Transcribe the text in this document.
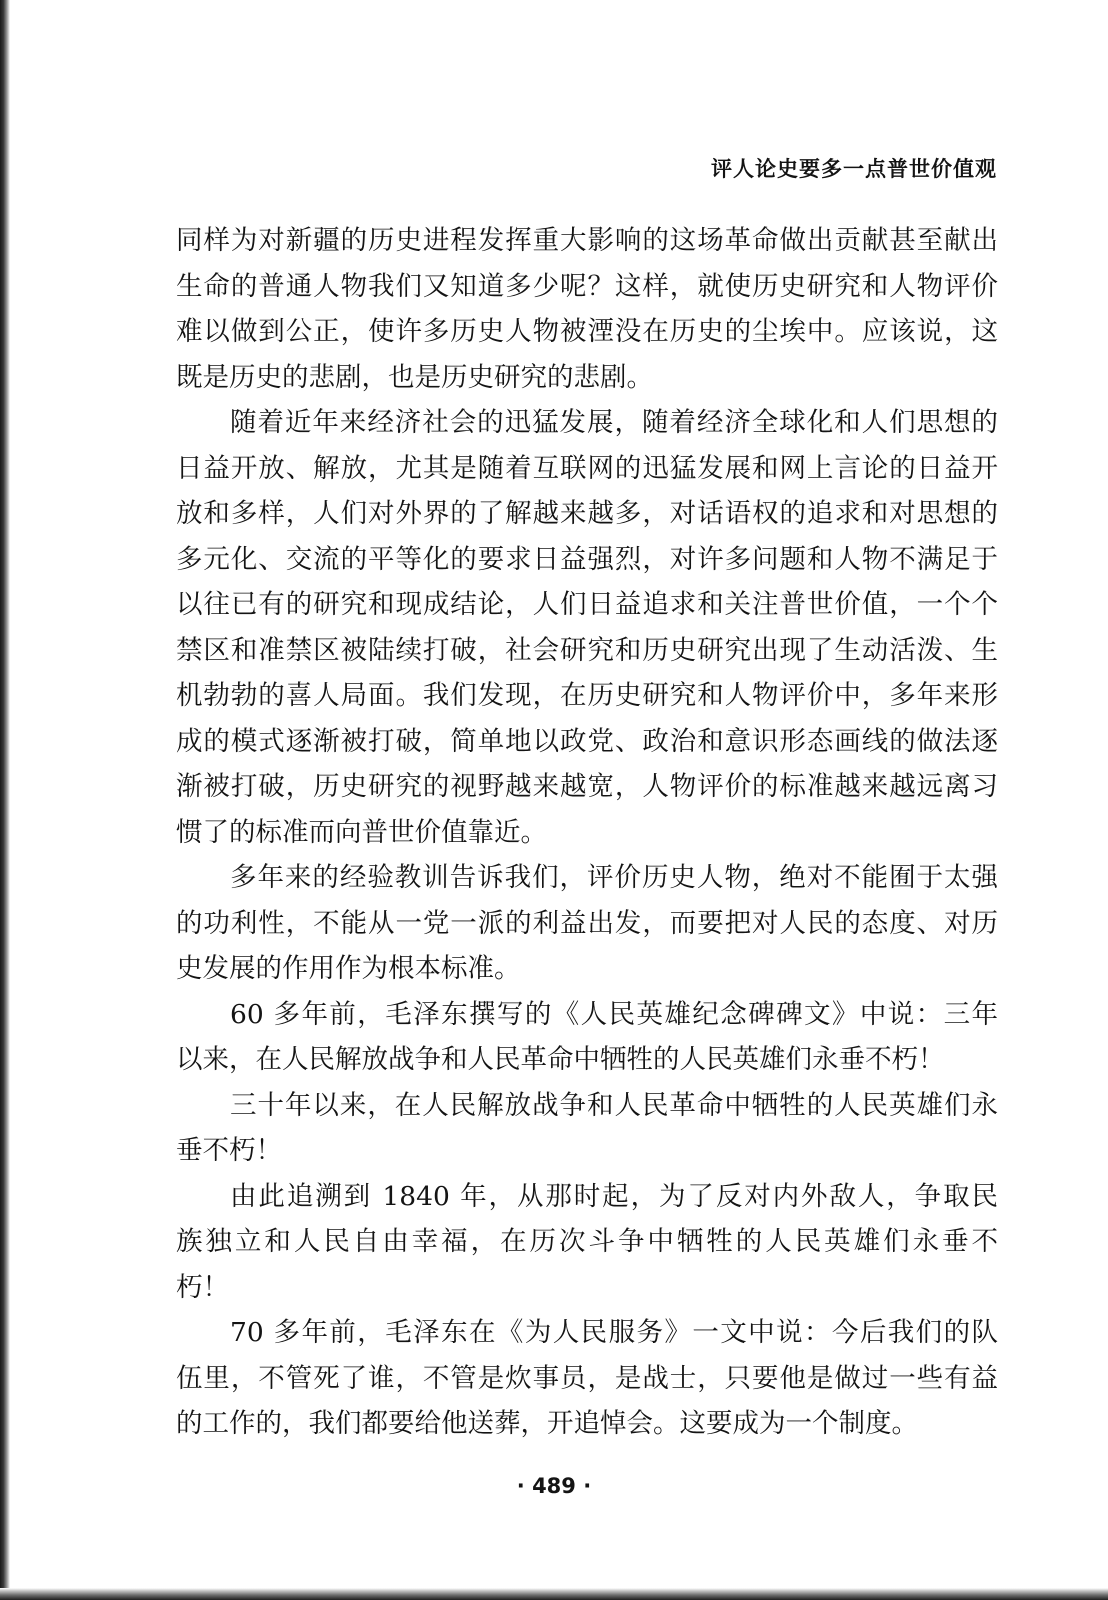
评人论史要多一点普世价值观
同样为对新疆的历史进程发挥重大影响的这场革命做出贡献甚至献出
生命的普通人物我们又知道多少呢？这样，就使历史研究和人物评价
难以做到公正，使许多历史人物被湮没在历史的尘埃中。应该说，这
既是历史的悲剧，也是历史研究的悲剧。
随着近年来经济社会的迅猛发展，随着经济全球化和人们思想的
日益开放、解放，尤其是随着互联网的迅猛发展和网上言论的日益开
放和多样，人们对外界的了解越来越多，对话语权的追求和对思想的
多元化、交流的平等化的要求日益强烈，对许多问题和人物不满足于
以往已有的研究和现成结论，人们日益追求和关注普世价值，一个个
禁区和准禁区被陆续打破，社会研究和历史研究出现了生动活泼、生
机勃勃的喜人局面。我们发现，在历史研究和人物评价中，多年来形
成的模式逐渐被打破，简单地以政党、政治和意识形态画线的做法逐
渐被打破，历史研究的视野越来越宽，人物评价的标准越来越远离习
惯了的标准而向普世价值靠近。
多年来的经验教训告诉我们，评价历史人物，绝对不能囿于太强
的功利性，不能从一党一派的利益出发，而要把对人民的态度、对历
史发展的作用作为根本标准。
60 多年前，毛泽东撰写的《人民英雄纪念碑碑文》中说：三年
以来，在人民解放战争和人民革命中牺牲的人民英雄们永垂不朽！
三十年以来，在人民解放战争和人民革命中牺牲的人民英雄们永
垂不朽！
由此追溯到 1840 年，从那时起，为了反对内外敌人，争取民
族独立和人民自由幸福，在历次斗争中牺牲的人民英雄们永垂不
朽！
70 多年前，毛泽东在《为人民服务》一文中说：今后我们的队
伍里，不管死了谁，不管是炊事员，是战士，只要他是做过一些有益
的工作的，我们都要给他送葬，开追悼会。这要成为一个制度。
· 489 ·
